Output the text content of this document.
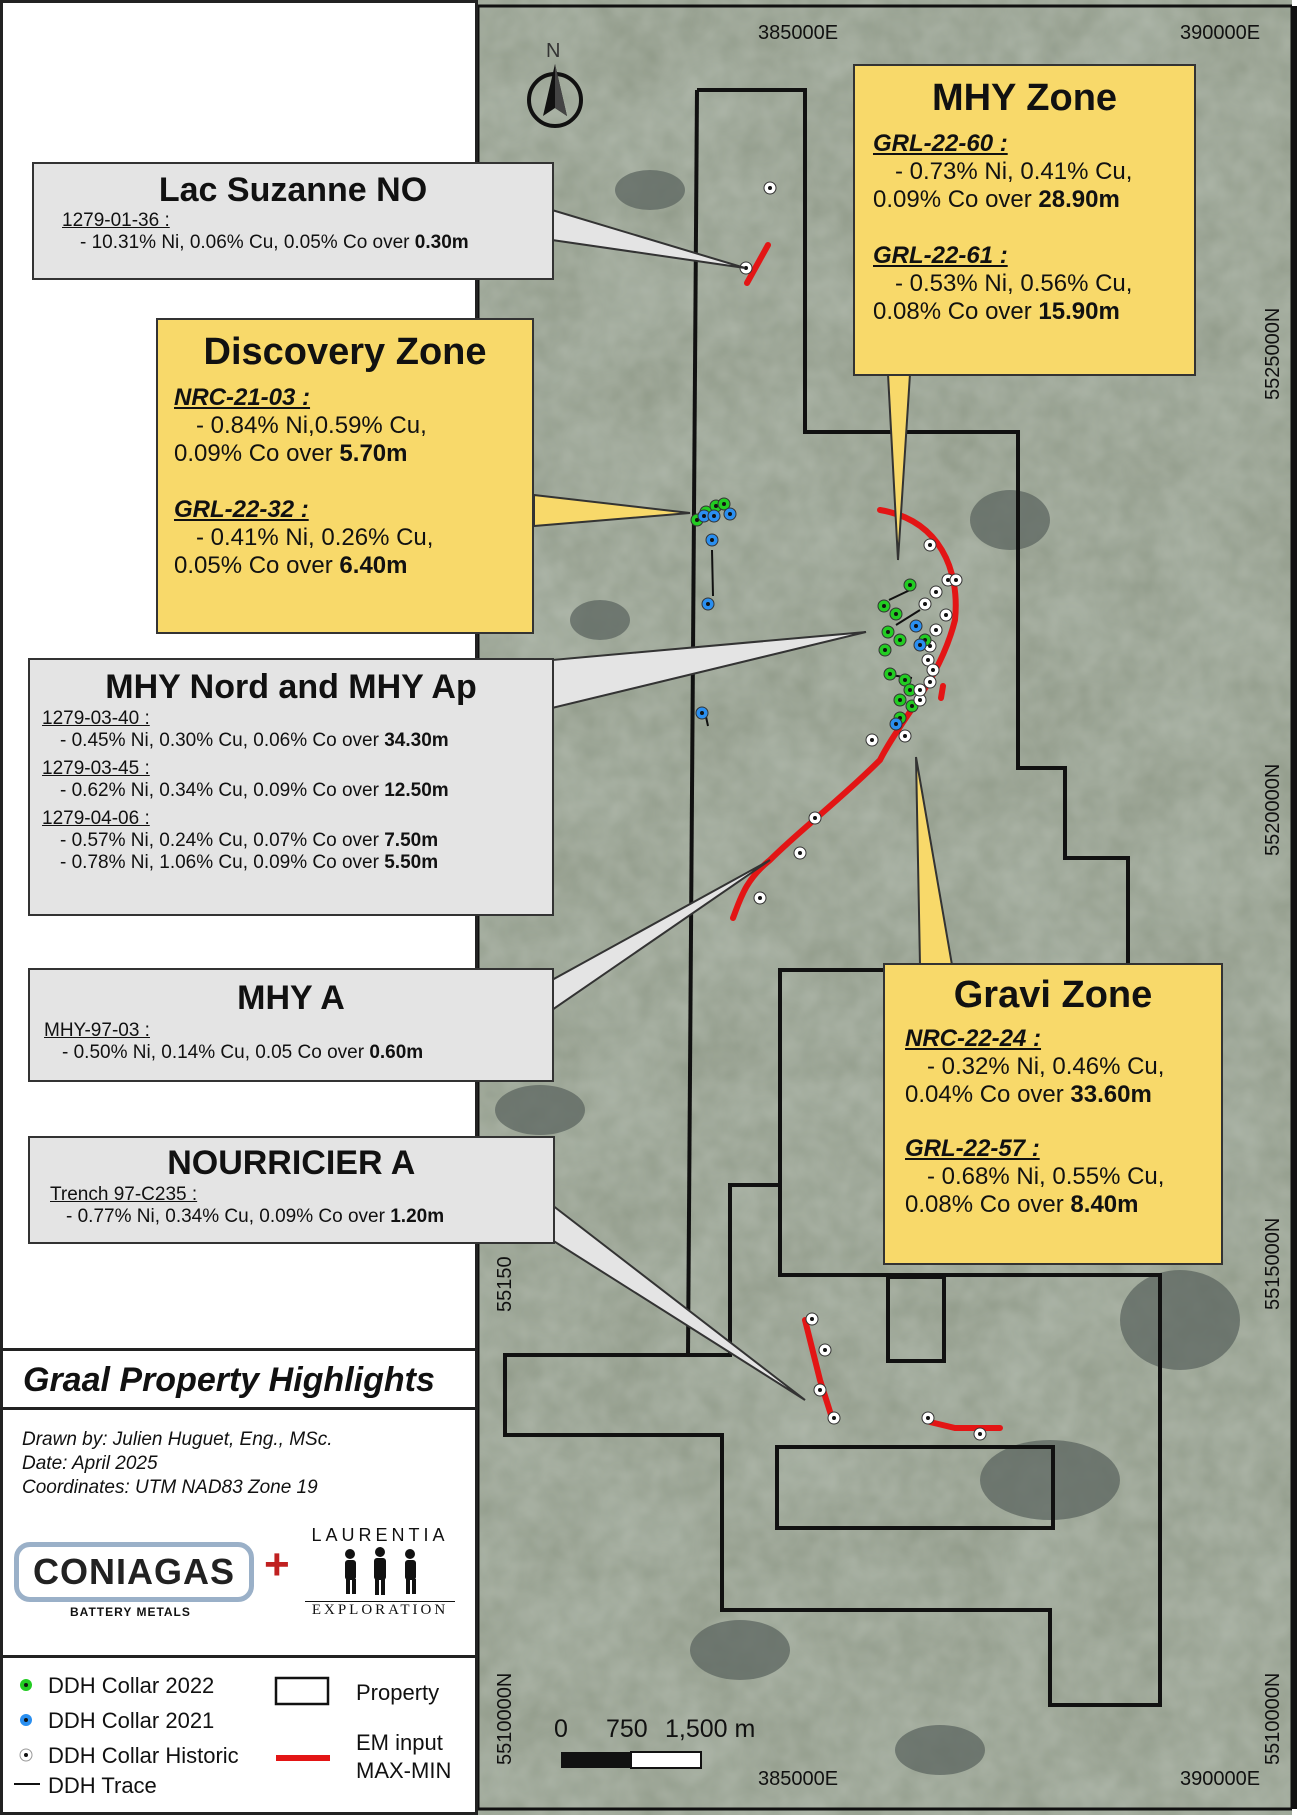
N
385000E	390000E
385000E	390000E
5525000N
5520000N
5515000N
5510000N
55150
5510000N 0 750 1,500 m
Graal Property Highlights
Drawn by: Julien Huguet, Eng., MSc.
Date: April 2025
Coordinates: UTM NAD83 Zone 19
CONIAGAS
BATTERY METALS
+
LAURENTIA
EXPLORATION
DDH Collar 2022
DDH Collar 2021
DDH Collar Historic
DDH Trace
Property
EM input
MAX-MIN
Lac Suzanne NO
1279-01-36 :
- 10.31% Ni, 0.06% Cu, 0.05% Co over 0.30m
Discovery Zone
NRC-21-03 :
- 0.84% Ni,0.59% Cu,
0.09% Co over 5.70m
GRL-22-32 :
- 0.41% Ni, 0.26% Cu,
0.05% Co over 6.40m
MHY Nord and MHY Ap
1279-03-40 :
- 0.45% Ni, 0.30% Cu, 0.06% Co over 34.30m
1279-03-45 :
- 0.62% Ni, 0.34% Cu, 0.09% Co over 12.50m
1279-04-06 :
- 0.57% Ni, 0.24% Cu, 0.07% Co over 7.50m
- 0.78% Ni, 1.06% Cu, 0.09% Co over 5.50m
MHY A
MHY-97-03 :
- 0.50% Ni, 0.14% Cu, 0.05 Co over 0.60m
NOURRICIER A
Trench 97-C235 :
- 0.77% Ni, 0.34% Cu, 0.09% Co over 1.20m
MHY Zone
GRL-22-60 :
- 0.73% Ni, 0.41% Cu,
0.09% Co over 28.90m
GRL-22-61 :
- 0.53% Ni, 0.56% Cu,
0.08% Co over 15.90m
Gravi Zone
NRC-22-24 :
- 0.32% Ni, 0.46% Cu,
0.04% Co over 33.60m
GRL-22-57 :
- 0.68% Ni, 0.55% Cu,
0.08% Co over 8.40m
